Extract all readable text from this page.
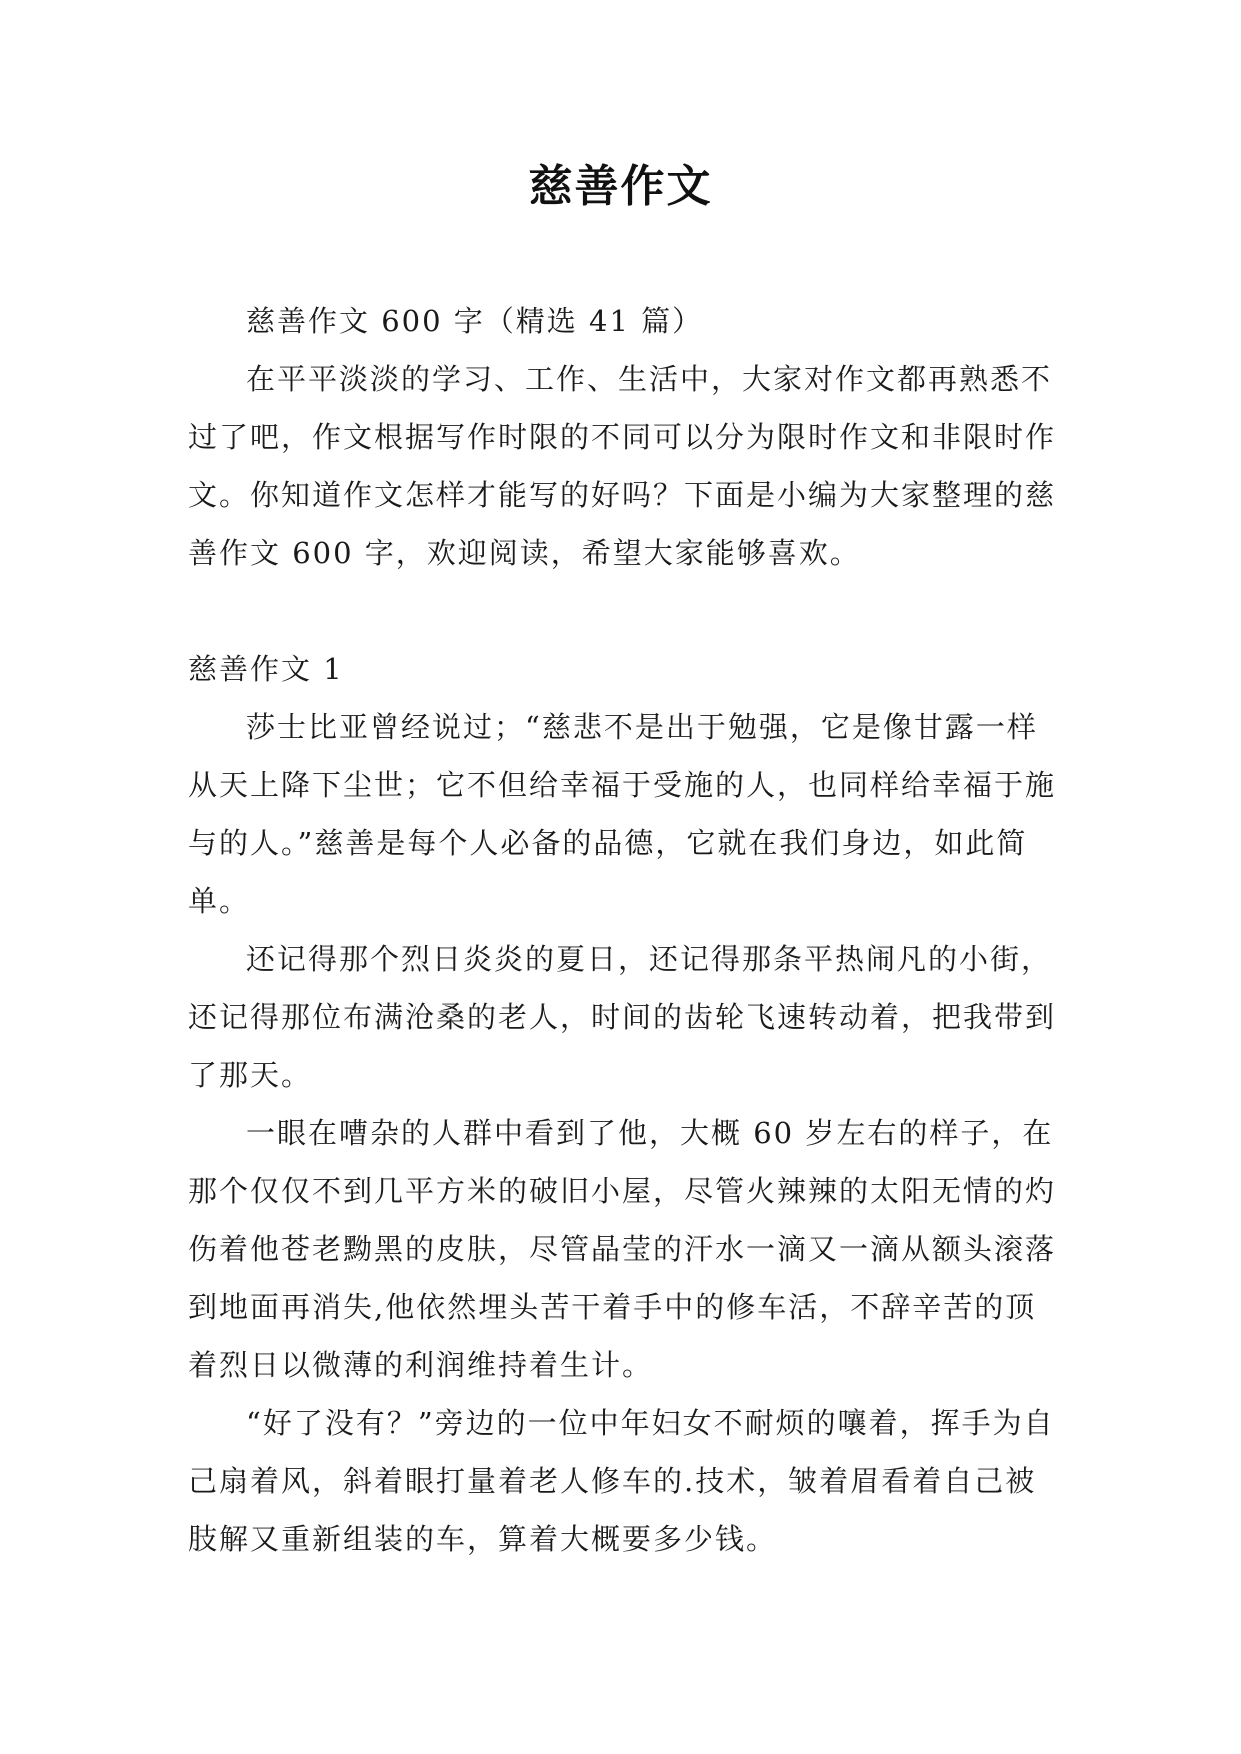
慈善作文

慈善作文 600 字（精选 41 篇）

在平平淡淡的学习、工作、生活中，大家对作文都再熟悉不过了吧，作文根据写作时限的不同可以分为限时作文和非限时作文。你知道作文怎样才能写的好吗？下面是小编为大家整理的慈善作文 600 字，欢迎阅读，希望大家能够喜欢。

慈善作文 1

莎士比亚曾经说过；“慈悲不是出于勉强，它是像甘露一样从天上降下尘世；它不但给幸福于受施的人，也同样给幸福于施与的人。”慈善是每个人必备的品德，它就在我们身边，如此简单。

还记得那个烈日炎炎的夏日，还记得那条平热闹凡的小街，还记得那位布满沧桑的老人，时间的齿轮飞速转动着，把我带到了那天。

一眼在嘈杂的人群中看到了他，大概 60 岁左右的样子，在那个仅仅不到几平方米的破旧小屋，尽管火辣辣的太阳无情的灼伤着他苍老黝黑的皮肤，尽管晶莹的汗水一滴又一滴从额头滚落到地面再消失,他依然埋头苦干着手中的修车活，不辞辛苦的顶着烈日以微薄的利润维持着生计。

“好了没有？”旁边的一位中年妇女不耐烦的嚷着，挥手为自己扇着风，斜着眼打量着老人修车的.技术，皱着眉看着自己被肢解又重新组装的车，算着大概要多少钱。
